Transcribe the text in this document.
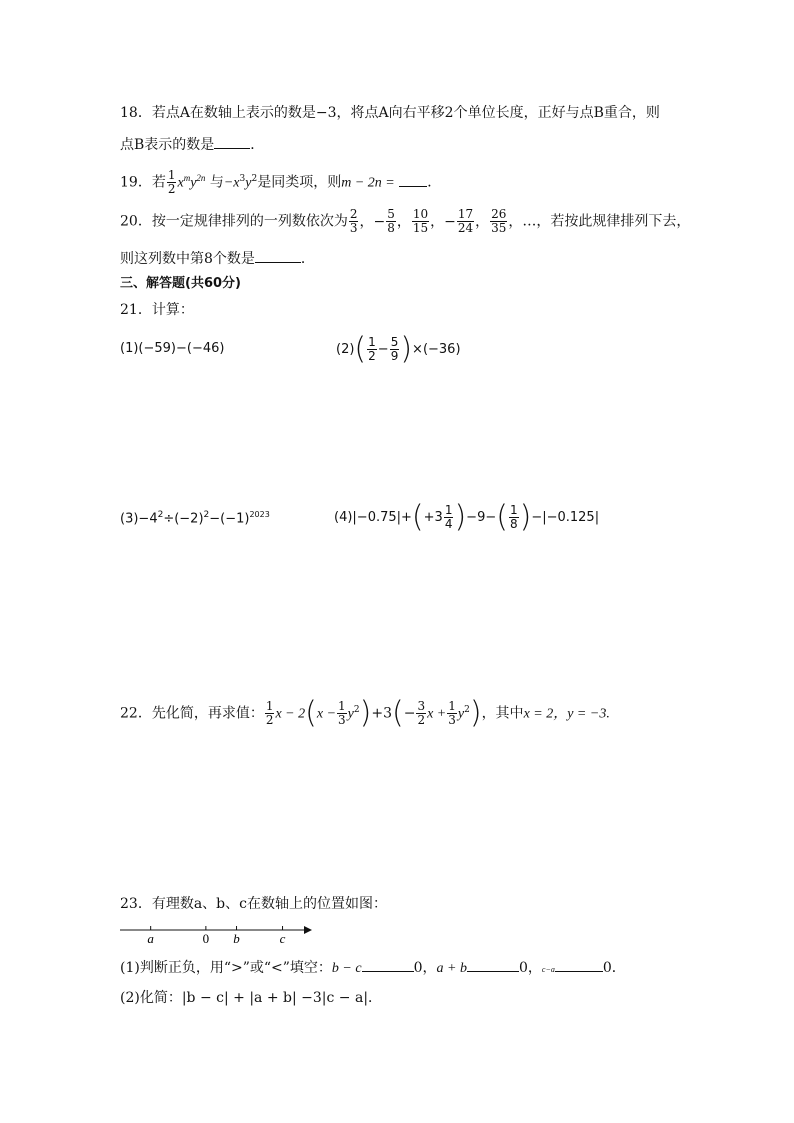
18．若点A在数轴上表示的数是−3，将点A向右平移2个单位长度，正好与点B重合，则
点B表示的数是	．
19．若 $\frac{1}{2} x^my^{2n}$ 与$-x^3y^2$是同类项，则m − 2n = ．
20．按一定规律排列的一列数依次为 $\frac{2}{3}$ ，− $\frac{5}{8}$ ， $\frac{10}{15}$ ，− $\frac{17}{24}$ ， $\frac{26}{35}$ ，…，若按此规律排列下去，
则这列数中第8个数是	．
三、解答题(共60分)
21．计算：
(1)(−59)−(−46)	$(2)( \frac{1}{2} - \frac{5}{9} )\times(-36)$
$(3)-4^2\div(-2)^2-(-1)^{2023}$	$(4)|-0.75|+(+3 \frac{1}{4} )-9-( \frac{1}{8} )-|-0.125|$
22．先化简，再求值： $\frac{1}{2}$ $x - 2(x - \frac{1}{3} y^2)+3(- \frac{3}{2}$ $x + \frac{1}{3} y^2$)，其中x = 2，y = −3.
23．有理数a、b、c在数轴上的位置如图：
a	0 b	c
(1)判断正负，用“>”或“<”填空：b − c	0，a + b	0，c−a	0．
(2)化简：|b − c| + |a + b| −3|c − a|．
